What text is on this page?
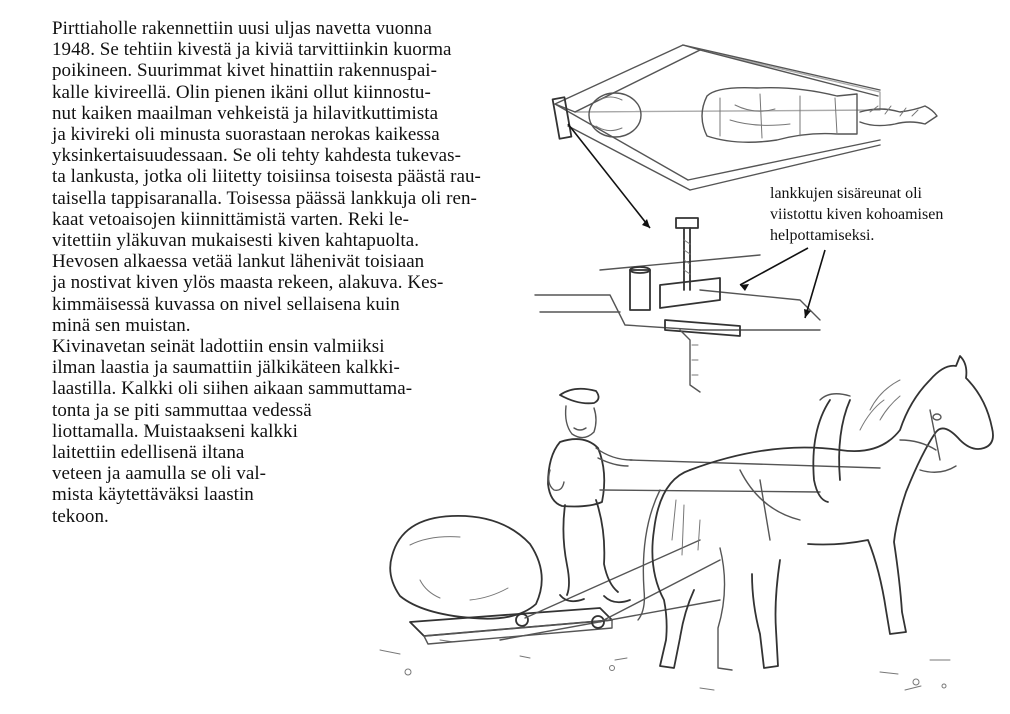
Pirttiaholle rakennettiin uusi uljas navetta vuonna
1948. Se tehtiin kivestä ja kiviä tarvittiinkin kuorma
poikineen. Suurimmat kivet hinattiin rakennuspai-
kalle kivireellä. Olin pienen ikäni ollut kiinnostu-
nut kaiken maailman vehkeistä ja hilavitkuttimista
ja kivireki oli minusta suorastaan nerokas kaikessa
yksinkertaisuudessaan. Se oli tehty kahdesta tukevas-
ta lankusta, jotka oli liitetty toisiinsa toisesta päästä rau-
taisella tappisaranalla. Toisessa päässä lankkuja oli ren-
kaat vetoaisojen kiinnittämistä varten. Reki le-
vitettiin yläkuvan mukaisesti kiven kahtapuolta.
Hevosen alkaessa vetää lankut lähenivät toisiaan
ja nostivat kiven ylös maasta rekeen, alakuva. Kes-
kimmäisessä kuvassa on nivel sellaisena kuin
minä sen muistan.
Kivinavetan seinät ladottiin ensin valmiiksi
ilman laastia ja saumattiin jälkikäteen kalkki-
laastilla. Kalkki oli siihen aikaan sammuttama-
tonta ja se piti sammuttaa vedessä
liottamalla. Muistaakseni kalkki
laitettiin edellisenä iltana
veteen ja aamulla se oli val-
mista käytettäväksi laastin
tekoon.
lankkujen sisäreunat oli
viistottu kiven kohoamisen
helpottamiseksi.
